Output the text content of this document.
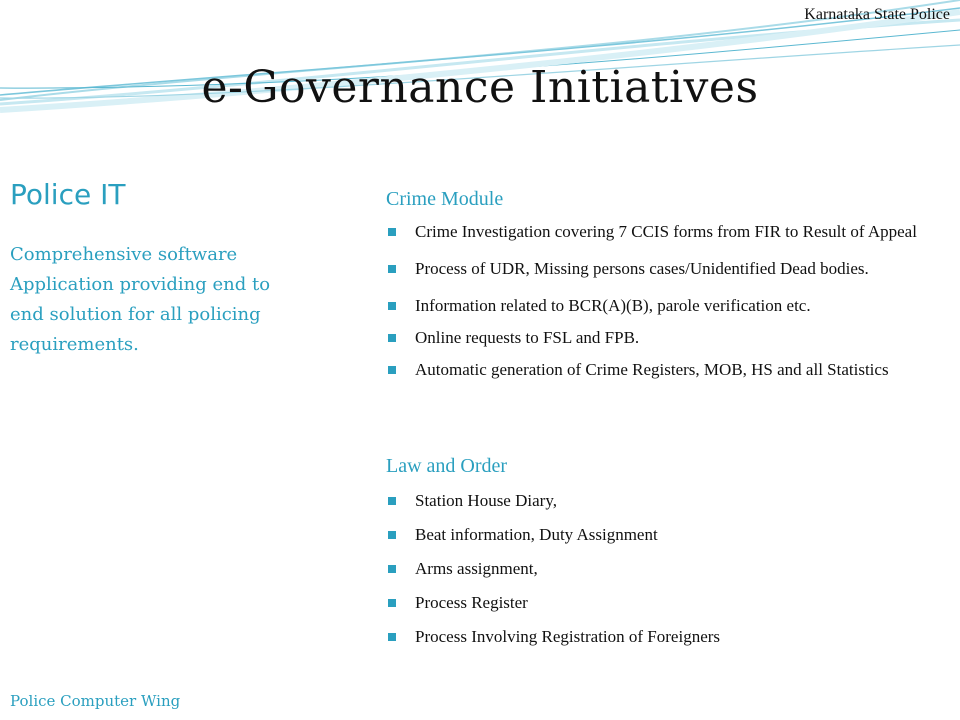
Karnataka State Police
e-Governance Initiatives
Police IT
Comprehensive software Application providing end to end solution for all policing requirements.
Crime Module
Crime Investigation covering 7 CCIS forms from FIR to Result of Appeal
Process of UDR, Missing persons cases/Unidentified Dead bodies.
Information related to BCR(A)(B), parole verification etc.
Online requests to FSL and FPB.
Automatic generation of Crime Registers, MOB, HS and all Statistics
Law and Order
Station House Diary,
Beat information, Duty Assignment
Arms assignment,
Process Register
Process Involving Registration of Foreigners
Police Computer Wing
